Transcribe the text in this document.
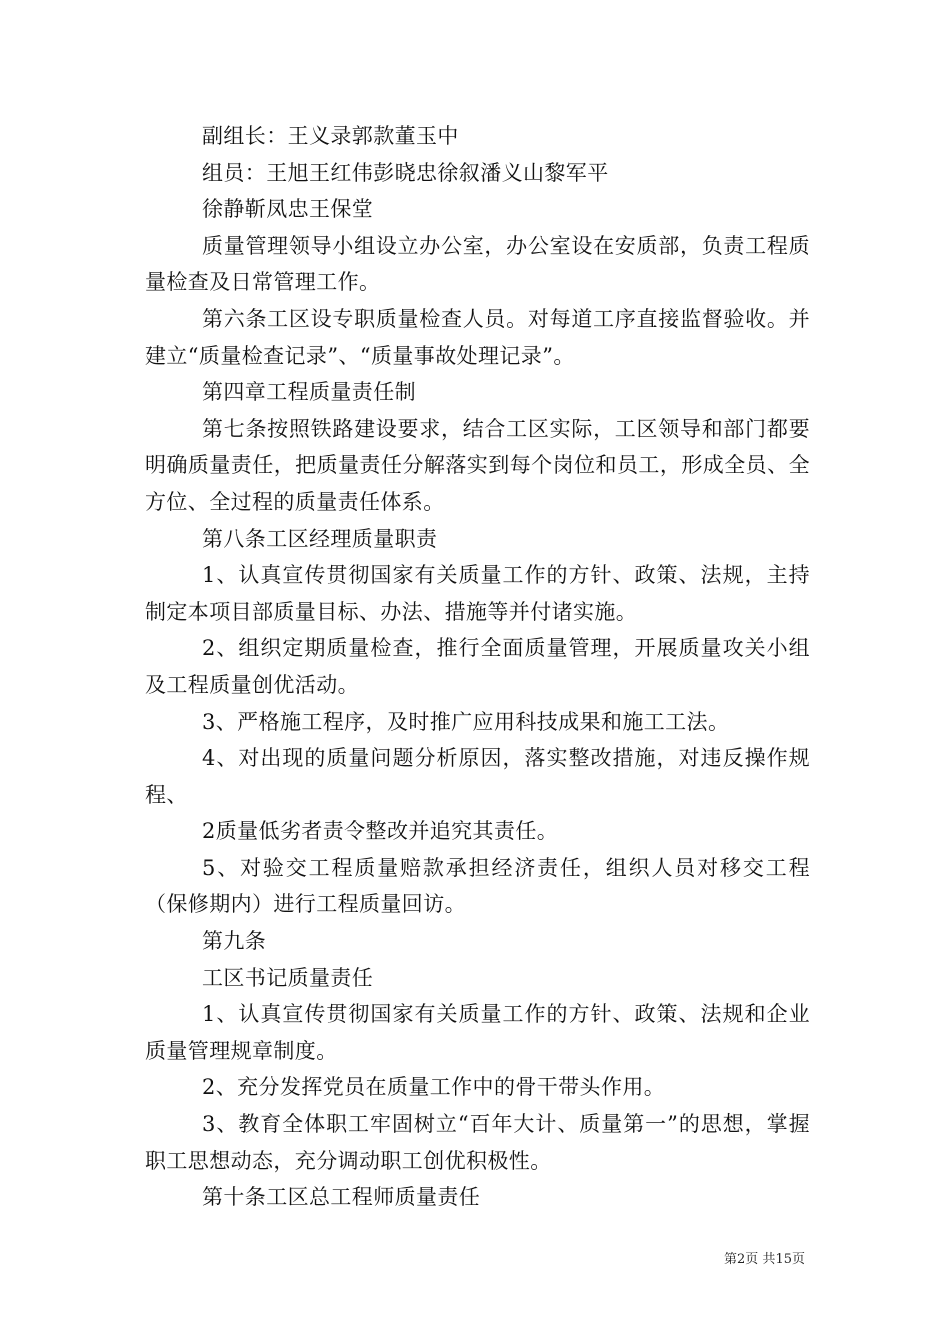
副组长：王义录郭款董玉中

组员：王旭王红伟彭晓忠徐叙潘义山黎军平

徐静靳凤忠王保堂

质量管理领导小组设立办公室，办公室设在安质部，负责工程质量检查及日常管理工作。

第六条工区设专职质量检查人员。对每道工序直接监督验收。并建立“质量检查记录”、“质量事故处理记录”。

第四章工程质量责任制

第七条按照铁路建设要求，结合工区实际，工区领导和部门都要明确质量责任，把质量责任分解落实到每个岗位和员工，形成全员、全方位、全过程的质量责任体系。

第八条工区经理质量职责

1、认真宣传贯彻国家有关质量工作的方针、政策、法规，主持制定本项目部质量目标、办法、措施等并付诸实施。

2、组织定期质量检查，推行全面质量管理，开展质量攻关小组及工程质量创优活动。

3、严格施工程序，及时推广应用科技成果和施工工法。

4、对出现的质量问题分析原因，落实整改措施，对违反操作规程、

2质量低劣者责令整改并追究其责任。

5、对验交工程质量赔款承担经济责任，组织人员对移交工程（保修期内）进行工程质量回访。

第九条

工区书记质量责任

1、认真宣传贯彻国家有关质量工作的方针、政策、法规和企业质量管理规章制度。

2、充分发挥党员在质量工作中的骨干带头作用。

3、教育全体职工牢固树立“百年大计、质量第一”的思想，掌握职工思想动态，充分调动职工创优积极性。

第十条工区总工程师质量责任

第2页 共15页
